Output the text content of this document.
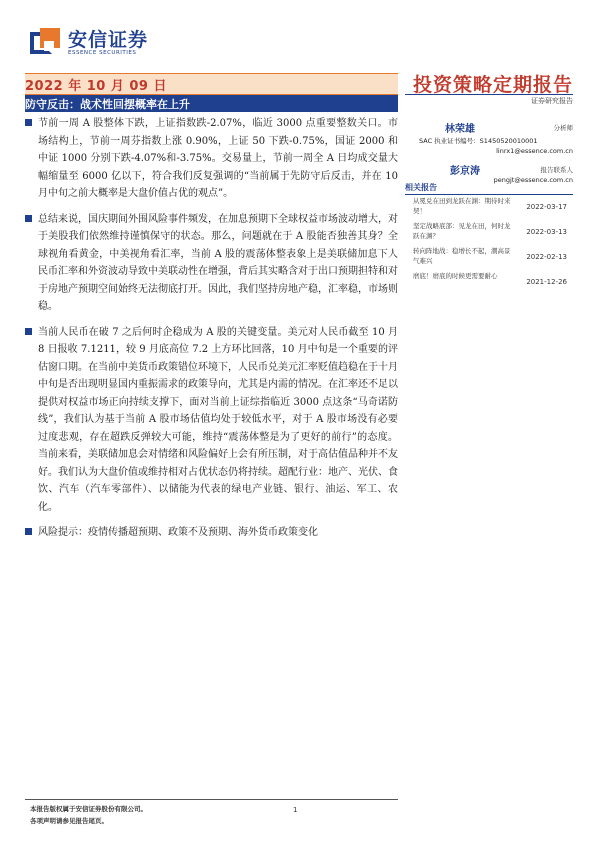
安信证券
ESSENCE SECURITIES
2022 年 10 月 09 日
防守反击：战术性回摆概率在上升
投资策略定期报告
证券研究报告
节前一周 A 股整体下跌，上证指数跌-2.07%，临近 3000 点重要整数关口。市场结构上，节前一周芬指数上涨 0.90%，上证 50 下跌-0.75%，国证 2000 和中证 1000 分别下跌-4.07%和-3.75%。交易量上，节前一周全 A 日均成交量大幅缩量至 6000 亿以下，符合我们反复强调的“当前属于先防守后反击，并在 10 月中旬之前大概率是大盘价值占优的观点”。
总结来说，国庆期间外围风险事件频发，在加息预期下全球权益市场波动增大，对于美股我们依然维持谨慎保守的状态。那么，问题就在于 A 股能否独善其身？全球视角看黄金，中美视角看汇率，当前 A 股的震荡体整表象上是美联储加息下人民币汇率和外资波动导致中美联动性在增强，背后其实略含对于出口预期担特和对于房地产预期空间始终无法彻底打开。因此，我们坚持房地产稳，汇率稳，市场则稳。
当前人民币在破 7 之后何时企稳成为 A 股的关键变量。美元对人民币截至 10 月 8 日报收 7.1211，较 9 月底高位 7.2 上方环比回落，10 月中旬是一个重要的评估窗口期。在当前中美货币政策错位环境下，人民币兑美元汇率贬值趋稳在于十月中旬是否出现明显国内重振需求的政策导向，尤其是内需的情况。在汇率还不足以提供对权益市场正向持续支撑下，面对当前上证综指临近 3000 点这条“马奇诺防线”，我们认为基于当前 A 股市场估值均处于较低水平，对于 A 股市场没有必要过度悲观，存在超跌反弹较大可能，维持“震荡体整是为了更好的前行”的态度。当前来看，美联储加息会对情绪和风险偏好上会有所压制，对于高估值品种并不友好。我们认为大盘价值或维持相对占优状态仍将持续。超配行业：地产、光伏、食饮、汽车（汽车零部件）、以储能为代表的绿电产业链、银行、油运、军工、农化。
风险提示：疫情传播超预期、政策不及预期、海外货币政策变化
林荣雄	分析师
SAC 执业证书编号：S1450520010001
linrx1@essence.com.cn
彭京涛	报告联系人
pengjt@essence.com.cn
相关报告
从冕兑在田到龙跃在渊：期待时来契！	2022-03-17
坚定战略底部：见龙在田，何时龙跃在渊？	2022-03-13
转向阵地战：稳增长不起，潮高景气难兴	2022-02-13
磨底！磨底的时候更需要耐心
2021-12-26
本报告版权属于安信证券股份有限公司。
各项声明请参见报告尾页。
1
